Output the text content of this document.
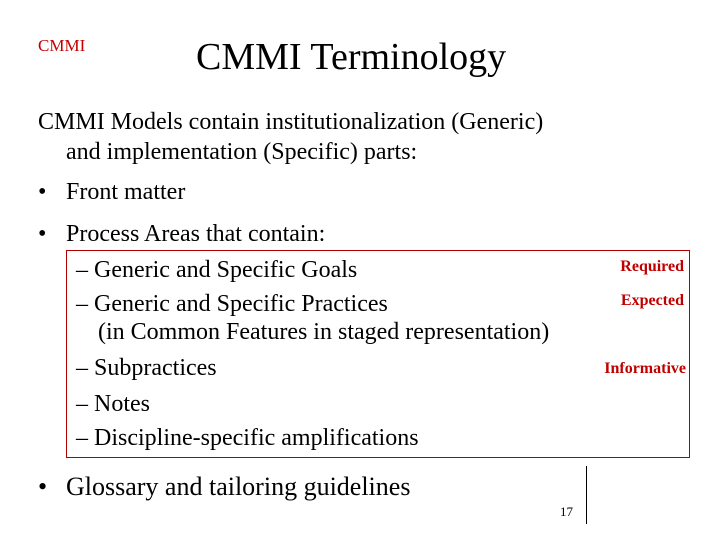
CMMI	CMMI Terminology
CMMI Models contain institutionalization (Generic)
and implementation (Specific) parts:
• Front matter
• Process Areas that contain:
– Generic and Specific Goals	Required
– Generic and Specific Practices	Expected
(in Common Features in staged representation)
– Subpractices	Informative
– Notes
– Discipline-specific amplifications
• Glossary and tailoring guidelines
17
